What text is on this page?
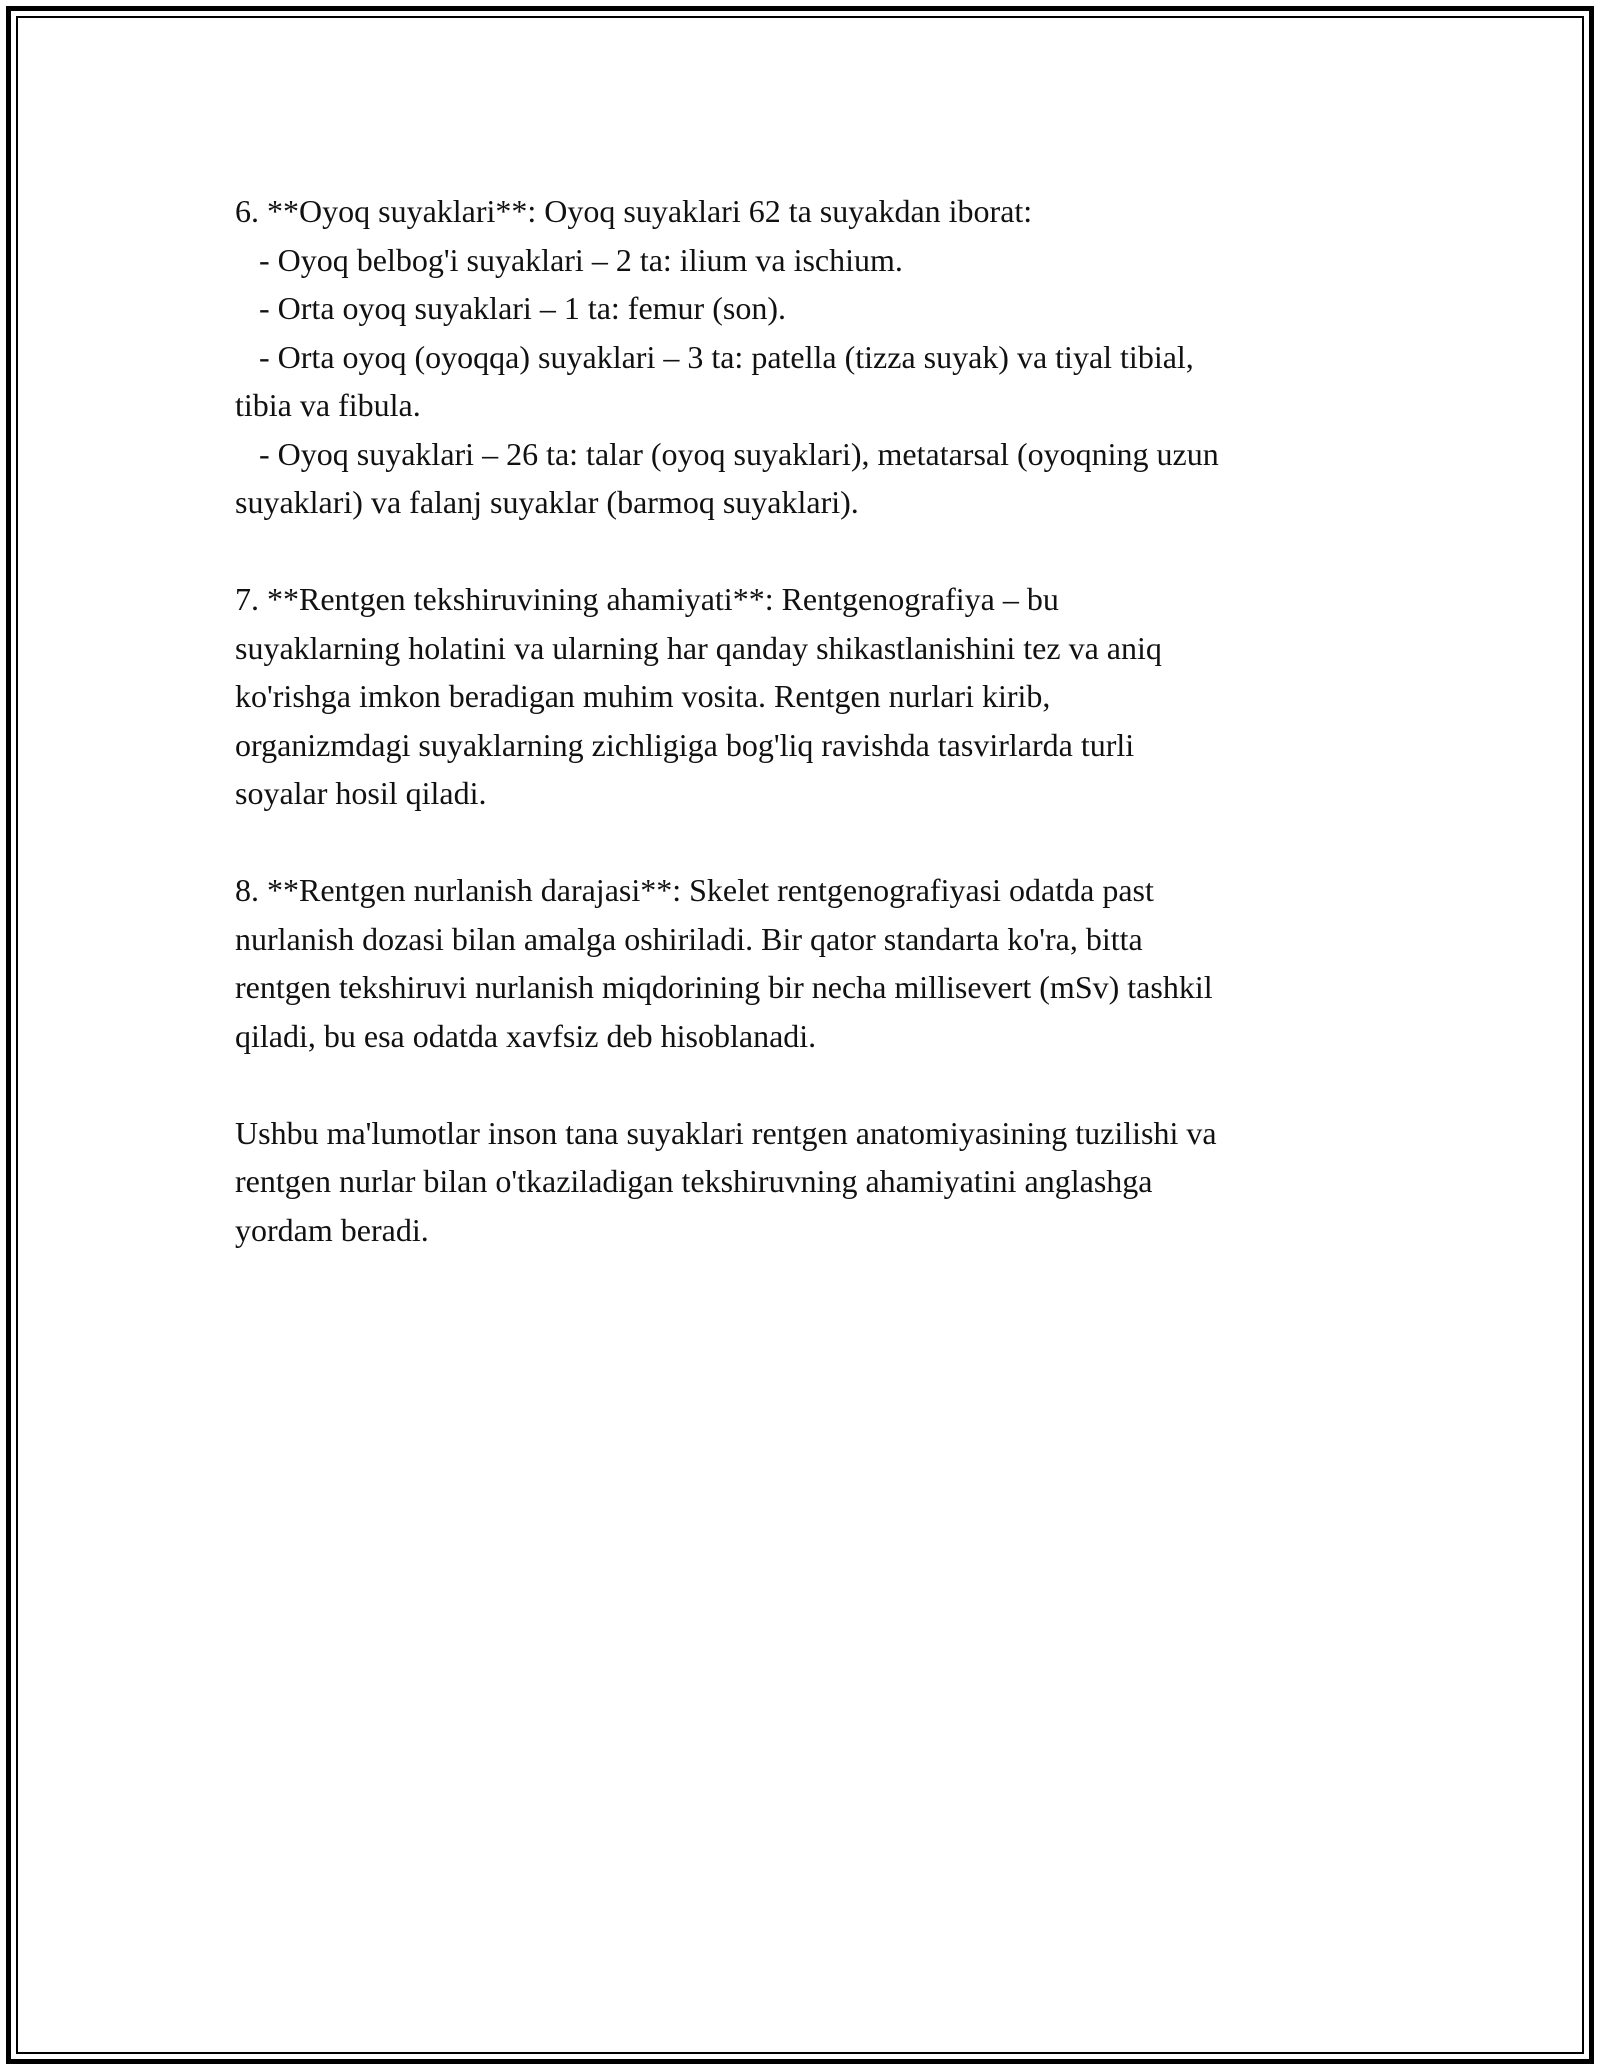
6. **Oyoq suyaklari**: Oyoq suyaklari 62 ta suyakdan iborat:

- Oyoq belbog'i suyaklari – 2 ta: ilium va ischium.

- Orta oyoq suyaklari – 1 ta: femur (son).

- Orta oyoq (oyoqqa) suyaklari – 3 ta: patella (tizza suyak) va tiyal tibial,

tibia va fibula.

- Oyoq suyaklari – 26 ta: talar (oyoq suyaklari), metatarsal (oyoqning uzun

suyaklari) va falanj suyaklar (barmoq suyaklari).

7. **Rentgen tekshiruvining ahamiyati**: Rentgenografiya – bu

suyaklarning holatini va ularning har qanday shikastlanishini tez va aniq

ko'rishga imkon beradigan muhim vosita. Rentgen nurlari kirib,

organizmdagi suyaklarning zichligiga bog'liq ravishda tasvirlarda turli

soyalar hosil qiladi.

8. **Rentgen nurlanish darajasi**: Skelet rentgenografiyasi odatda past

nurlanish dozasi bilan amalga oshiriladi. Bir qator standarta ko'ra, bitta

rentgen tekshiruvi nurlanish miqdorining bir necha millisevert (mSv) tashkil

qiladi, bu esa odatda xavfsiz deb hisoblanadi.

Ushbu ma'lumotlar inson tana suyaklari rentgen anatomiyasining tuzilishi va

rentgen nurlar bilan o'tkaziladigan tekshiruvning ahamiyatini anglashga

yordam beradi.
